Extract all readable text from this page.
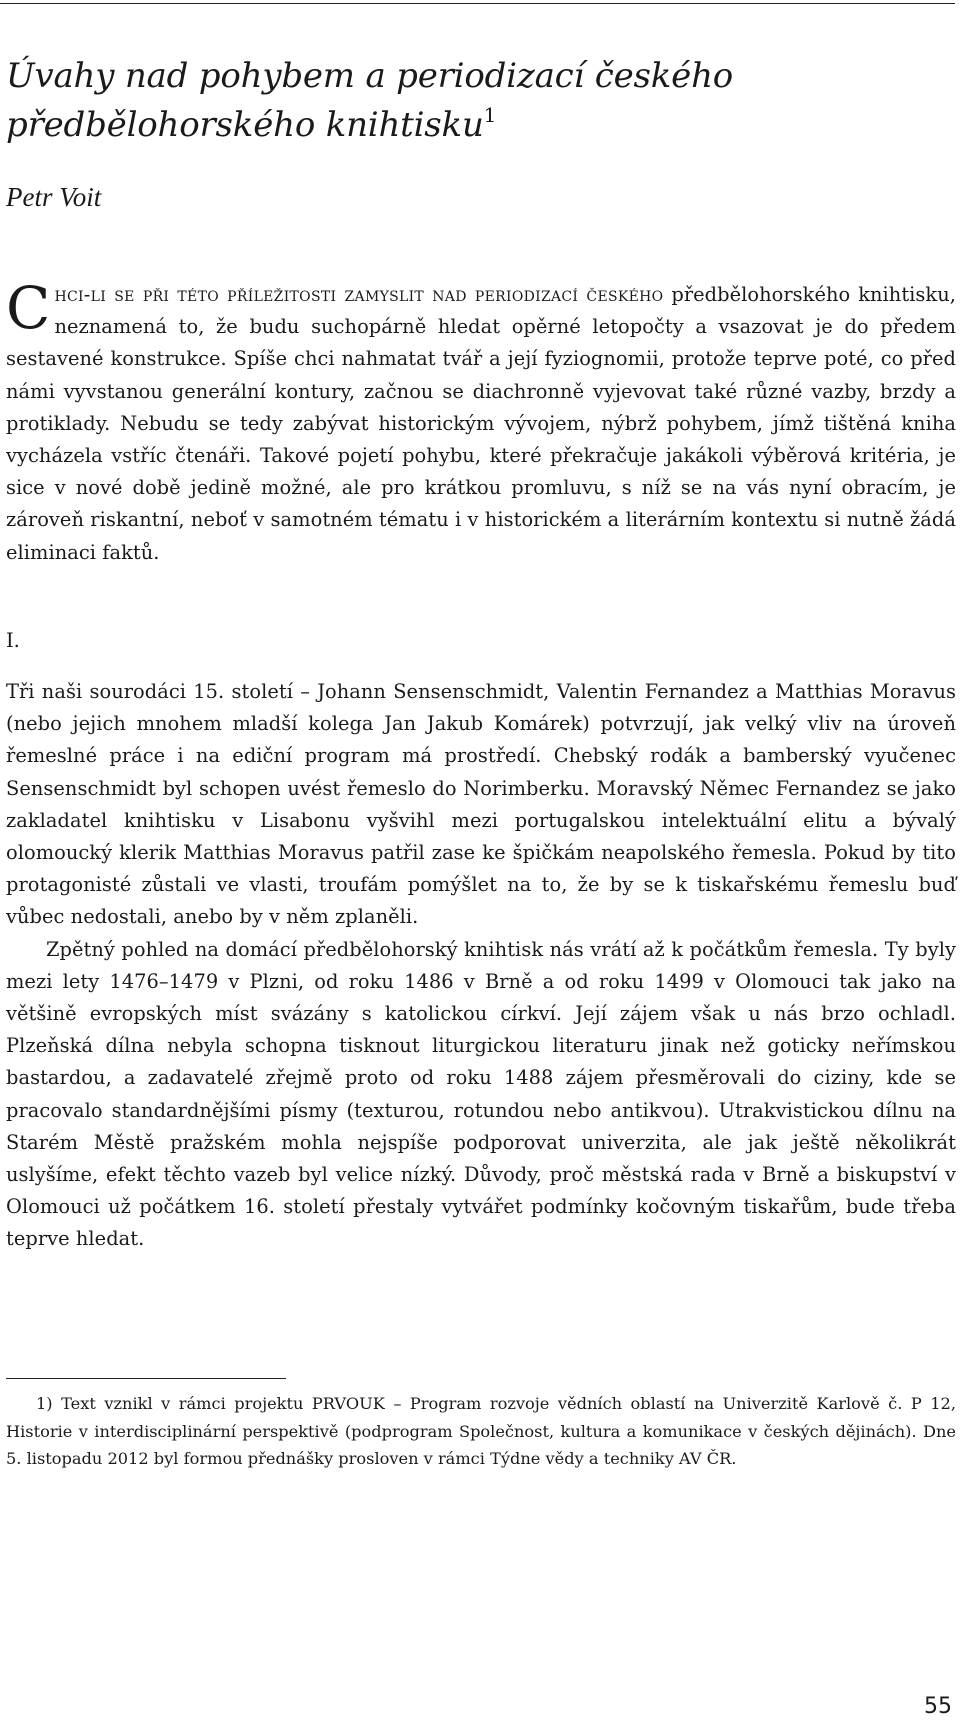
Úvahy nad pohybem a periodizací českého předbělohorského knihtisku$^1$
Petr Voit

Chci-li se při této příležitosti zamyslit nad periodizací českého předbělohorského knihtisku, neznamená to, že budu suchopárně hledat opěrné letopočty a vsazovat je do předem sestavené konstrukce. Spíše chci nahmatat tvář a její fyziognomii, protože teprve poté, co před námi vyvstanou generální kontury, začnou se diachronně vyjevovat také různé vazby, brzdy a protiklady. Nebudu se tedy zabývat historickým vývojem, nýbrž pohybem, jímž tištěná kniha vycházela vstříc čtenáři. Takové pojetí pohybu, které překračuje jakákoli výběrová kritéria, je sice v nové době jedině možné, ale pro krátkou promluvu, s níž se na vás nyní obracím, je zároveň riskantní, neboť v samotném tématu i v historickém a literárním kontextu si nutně žádá eliminaci faktů.

I.

Tři naši sourodáci 15. století – Johann Sensenschmidt, Valentin Fernandez a Matthias Moravus (nebo jejich mnohem mladší kolega Jan Jakub Komárek) potvrzují, jak velký vliv na úroveň řemeslné práce i na ediční program má prostředí. Chebský rodák a bamberský vyučenec Sensenschmidt byl schopen uvést řemeslo do Norimberku. Moravský Němec Fernandez se jako zakladatel knihtisku v Lisabonu vyšvihl mezi portugalskou intelektuální elitu a bývalý olomoucký klerik Matthias Moravus patřil zase ke špičkám neapolského řemesla. Pokud by tito protagonisté zůstali ve vlasti, troufám pomýšlet na to, že by se k tiskařskému řemeslu buď vůbec nedostali, anebo by v něm zplaněli.

Zpětný pohled na domácí předbělohorský knihtisk nás vrátí až k počátkům řemesla. Ty byly mezi lety 1476–1479 v Plzni, od roku 1486 v Brně a od roku 1499 v Olomouci tak jako na většině evropských míst svázány s katolickou církví. Její zájem však u nás brzo ochladl. Plzeňská dílna nebyla schopna tisknout liturgickou literaturu jinak než goticky neřímskou bastardou, a zadavatelé zřejmě proto od roku 1488 zájem přesměrovali do ciziny, kde se pracovalo standardnějšími písmy (texturou, rotundou nebo antikvou). Utrakvistickou dílnu na Starém Městě pražském mohla nejspíše podporovat univerzita, ale jak ještě několikrát uslyšíme, efekt těchto vazeb byl velice nízký. Důvody, proč městská rada v Brně a biskupství v Olomouci už počátkem 16. století přestaly vytvářet podmínky kočovným tiskařům, bude třeba teprve hledat.

1) Text vznikl v rámci projektu PRVOUK – Program rozvoje vědních oblastí na Univerzitě Karlově č. P 12, Historie v interdisciplinární perspektivě (podprogram Společnost, kultura a komunikace v českých dějinách). Dne 5. listopadu 2012 byl formou přednášky prosloven v rámci Týdne vědy a techniky AV ČR.

55
